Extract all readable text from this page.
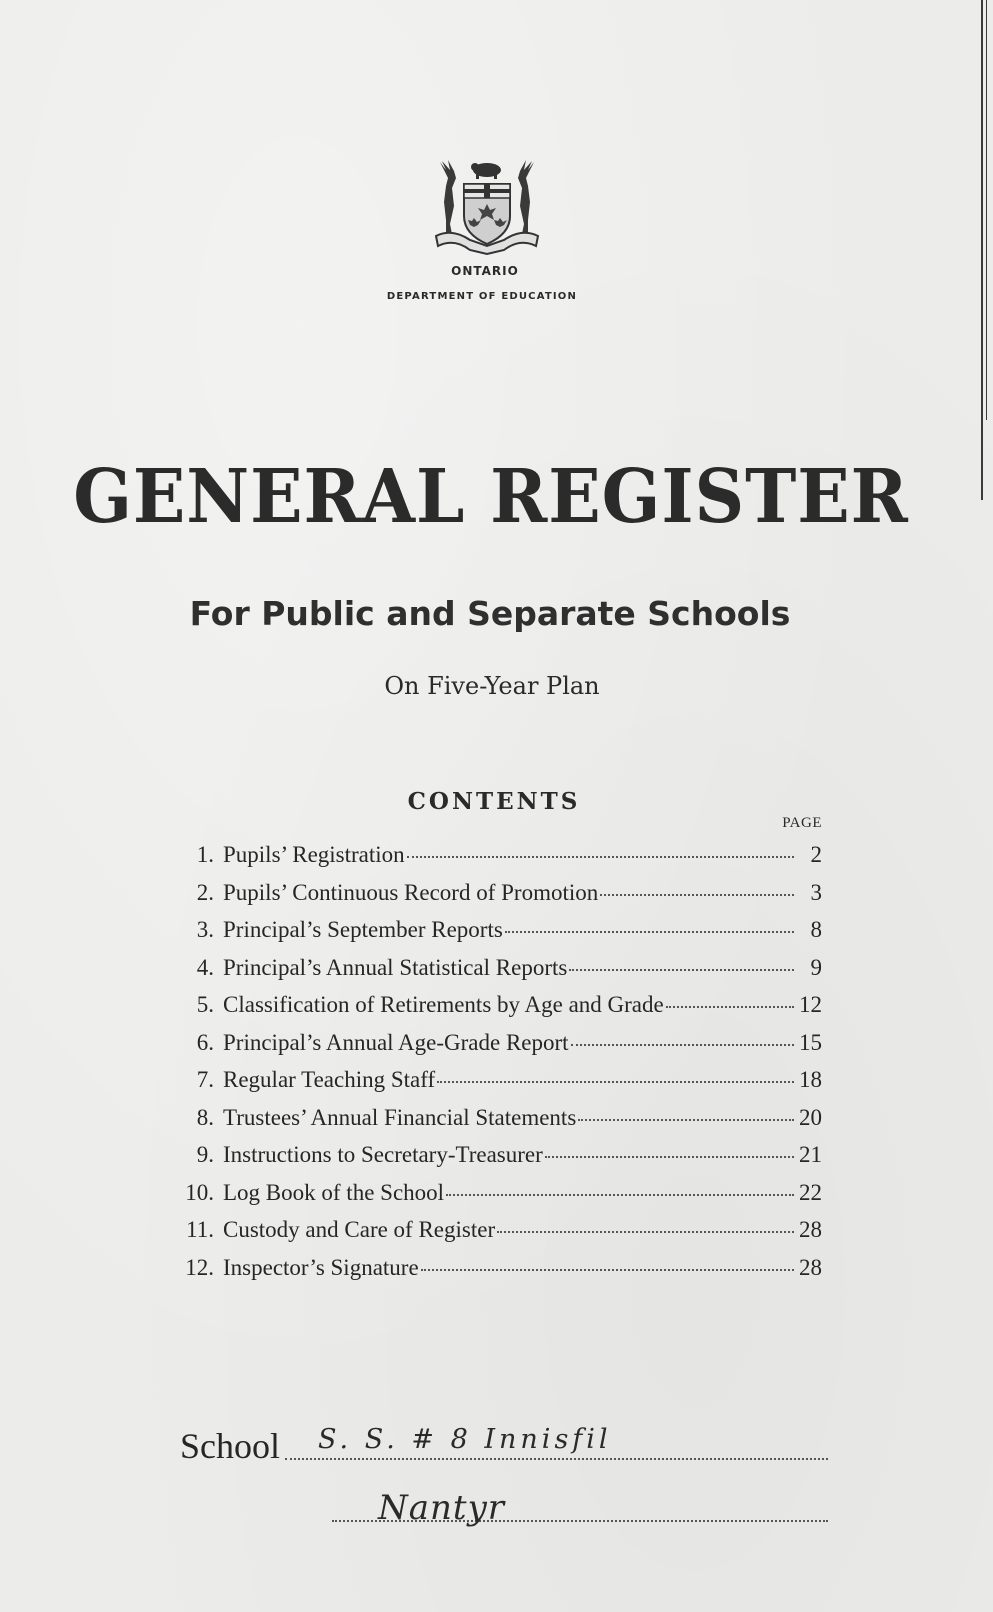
ONTARIO
DEPARTMENT OF EDUCATION
GENERAL REGISTER
For Public and Separate Schools
On Five-Year Plan
CONTENTS
PAGE
1. Pupils’ Registration	2
2. Pupils’ Continuous Record of Promotion	3
3. Principal’s September Reports	8
4. Principal’s Annual Statistical Reports	9
5. Classification of Retirements by Age and Grade	12
6. Principal’s Annual Age-Grade Report	15
7. Regular Teaching Staff	18
8. Trustees’ Annual Financial Statements	20
9. Instructions to Secretary-Treasurer	21
10. Log Book of the School	22
11. Custody and Care of Register	28
12. Inspector’s Signature	28
School S. S. # 8 Innisfil
Nantyr
